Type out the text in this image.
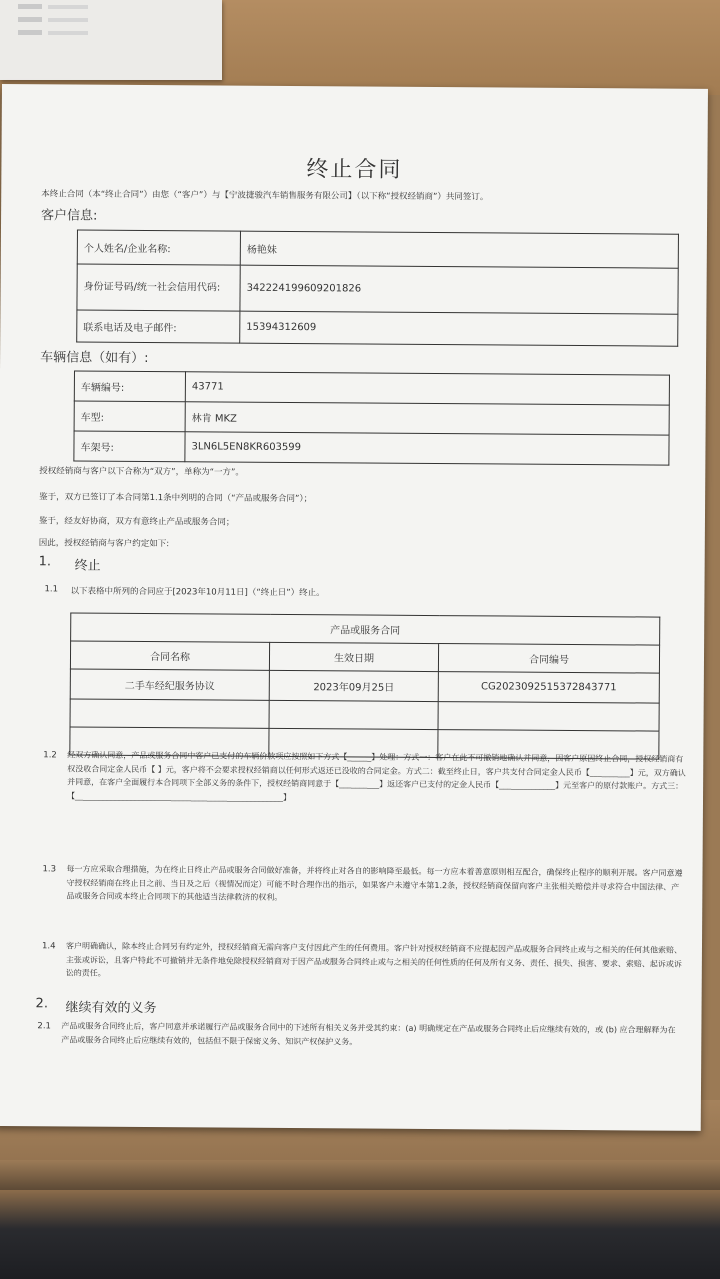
终止合同
本终止合同（本“终止合同”）由您（“客户”）与【宁波捷骏汽车销售服务有限公司】（以下称“授权经销商”）共同签订。
客户信息:
个人姓名/企业名称:	杨艳妹
身份证号码/统一社会信用代码:	342224199609201826
联系电话及电子邮件:	15394312609
车辆信息（如有）:
车辆编号:	43771
车型:	林肯 MKZ
车架号:	3LN6L5EN8KR603599
授权经销商与客户以下合称为“双方”，单称为“一方”。
鉴于，双方已签订了本合同第1.1条中列明的合同（“产品或服务合同”）；
鉴于，经友好协商，双方有意终止产品或服务合同；
因此，授权经销商与客户约定如下:
1. 终止
1.1 以下表格中所列的合同应于[2023年10月11日]（“终止日”）终止。
产品或服务合同		
合同名称	生效日期	合同编号
二手车经纪服务协议	2023年09月25日	CG202309251537284377​1

1.2 经双方确认同意，产品或服务合同中客户已支付的车辆价款项应按照如下方式【______】处理：方式一：客户在此不可撤销地确认并同意，因客户原因终止合同，授权经销商有权没收合同定金人民币【 】元，客户将不会要求授权经销商以任何形式返还已没收的合同定金。方式二：截至终止日，客户共支付合同定金人民币【__________】元，双方确认并同意，在客户全面履行本合同项下全部义务的条件下，授权经销商同意于【__________】返还客户已支付的定金人民币【______________】元至客户的原付款账户。方式三：【____________________________________________________】
1.3 每一方应采取合理措施，为在终止日终止产品或服务合同做好准备，并将终止对各自的影响降至最低。每一方应本着善意原则相互配合，确保终止程序的顺利开展。客户同意遵守授权经销商在终止日之前、当日及之后（视情况而定）可能不时合理作出的指示，如果客户未遵守本第1.2条，授权经销商保留向客户主张相关赔偿并寻求符合中国法律、产品或服务合同或本终止合同项下的其他适当法律救济的权利。
1.4 客户明确确认，除本终止合同另有约定外，授权经销商无需向客户支付因此产生的任何费用。客户针对授权经销商不应提起因产品或服务合同终止或与之相关的任何其他索赔、主张或诉讼，且客户特此不可撤销并无条件地免除授权经销商对于因产品或服务合同终止或与之相关的任何性质的任何及所有义务、责任、损失、损害、要求、索赔、起诉或诉讼的责任。
2. 继续有效的义务
2.1 产品或服务合同终止后，客户同意并承诺履行产品或服务合同中的下述所有相关义务并受其约束：(a) 明确规定在产品或服务合同终止后应继续有效的，或 (b) 应合理解释为在产品或服务合同终止后应继续有效的，包括但不限于保密义务、知识产权保护义务。
